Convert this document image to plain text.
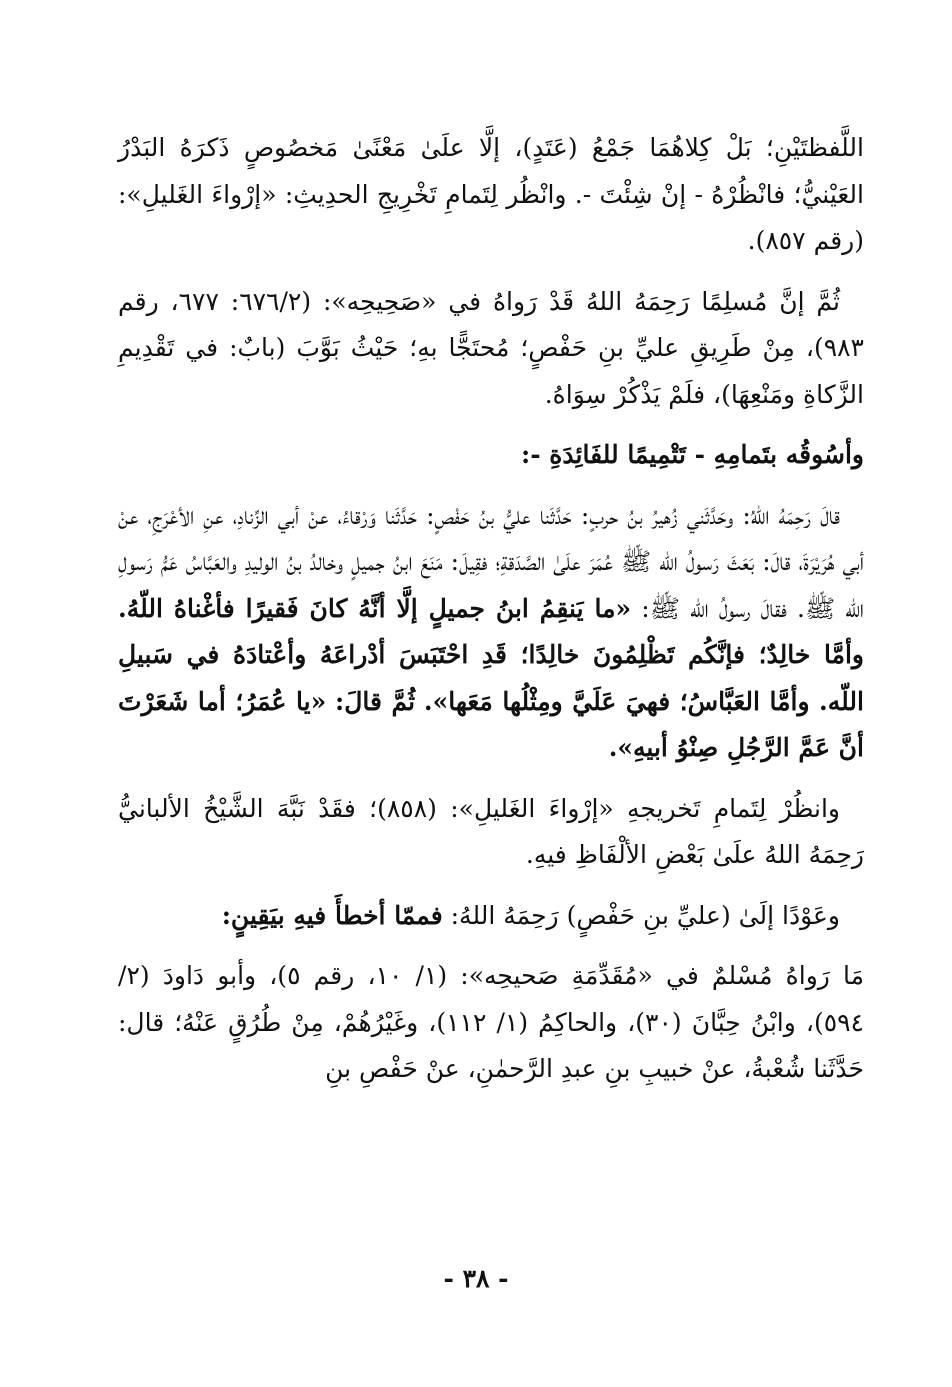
اللَّفظتَيْنِ؛ بَلْ كِلاهُمَا جَمْعُ (عَتَدٍ)، إلَّا علَىٰ مَعْنًىٰ مَخصُوصٍ ذَكرَهُ البَدْرُ العَيْنيُّ؛ فانْظُرْهُ - إنْ شِئْتَ -. وانْظُر لِتَمامِ تَخْرِيجِ الحدِيثِ: «إرْواءَ الغَليلِ»: (رقم ٨٥٧).

ثُمَّ إنَّ مُسلِمًا رَحِمَهُ اللهُ قَدْ رَواهُ في «صَحِيحِه»: (٦٧٦/٢: ٦٧٧، رقم ٩٨٣)، مِنْ طَرِيقِ عليِّ بنِ حَفْصٍ؛ مُحتَجًّا بهِ؛ حَيْثُ بَوَّبَ (بابٌ: في تَقْدِيمِ الزَّكاةِ ومَنْعِهَا)، فلَمْ يَذْكُرْ سِوَاهُ.

وأسُوقُه بتَمامِهِ - تَتْمِيمًا للفَائِدَةِ -:

قالَ رَحِمَهُ اللهُ: وحَدَّثَني زُهيرُ بنُ حربٍ: حَدَّثَنا عليُّ بنُ حَفْصٍ: حَدَّثَنا وَرْقاءُ، عنْ أبي الزِّنادِ، عنِ الأعْرَجِ، عنْ أبي هُرَيْرَةَ، قالَ: بَعَثَ رَسولُ اللّه ﷺ عُمَرَ علَىٰ الصَّدَقةِ؛ فقِيلَ: مَنَعَ ابنُ جميلٍ وخالدُ بنُ الوليدِ والعَبَّاسُ عَمُّ رَسولِ اللّه ﷺ. فقالَ رسولُ اللّه ﷺ: «ما يَنقِمُ ابنُ جميلٍ إلَّا أنَّهُ كانَ فَقيرًا فأغْناهُ اللّهُ. وأمَّا خالِدٌ؛ فإنَّكُم تَظْلِمُونَ خالِدًا؛ قَدِ احْتَبَسَ أدْراعَهُ وأعْتادَهُ في سَبيلِ اللّه. وأمَّا العَبَّاسُ؛ فهيَ عَلَيَّ ومِثْلُها مَعَها». ثُمَّ قالَ: «يا عُمَرُ؛ أما شَعَرْتَ أنَّ عَمَّ الرَّجُلِ صِنْوُ أبيهِ».

وانظُرْ لِتَمامِ تَخريجهِ «إرْواءَ الغَليلِ»: (٨٥٨)؛ فقَدْ نَبَّهَ الشَّيْخُ الألبانيُّ رَحِمَهُ اللهُ علَىٰ بَعْضِ الألْفَاظِ فيهِ.

وعَوْدًا إلَىٰ (عليِّ بنِ حَفْصٍ) رَحِمَهُ اللهُ: فممّا أخطأَ فيهِ بيَقِينٍ:

مَا رَواهُ مُسْلمٌ في «مُقَدِّمَةِ صَحيحِه»: (١/ ١٠، رقم ٥)، وأبو دَاودَ (٢/ ٥٩٤)، وابْنُ حِبَّانَ (٣٠)، والحاكِمُ (١/ ١١٢)، وغَيْرُهُمْ، مِنْ طُرُقٍ عَنْهُ؛ قال: حَدَّثَنا شُعْبةُ، عنْ خبيبِ بنِ عبدِ الرَّحمٰنِ، عنْ حَفْصِ بنِ

- ٣٨ -
